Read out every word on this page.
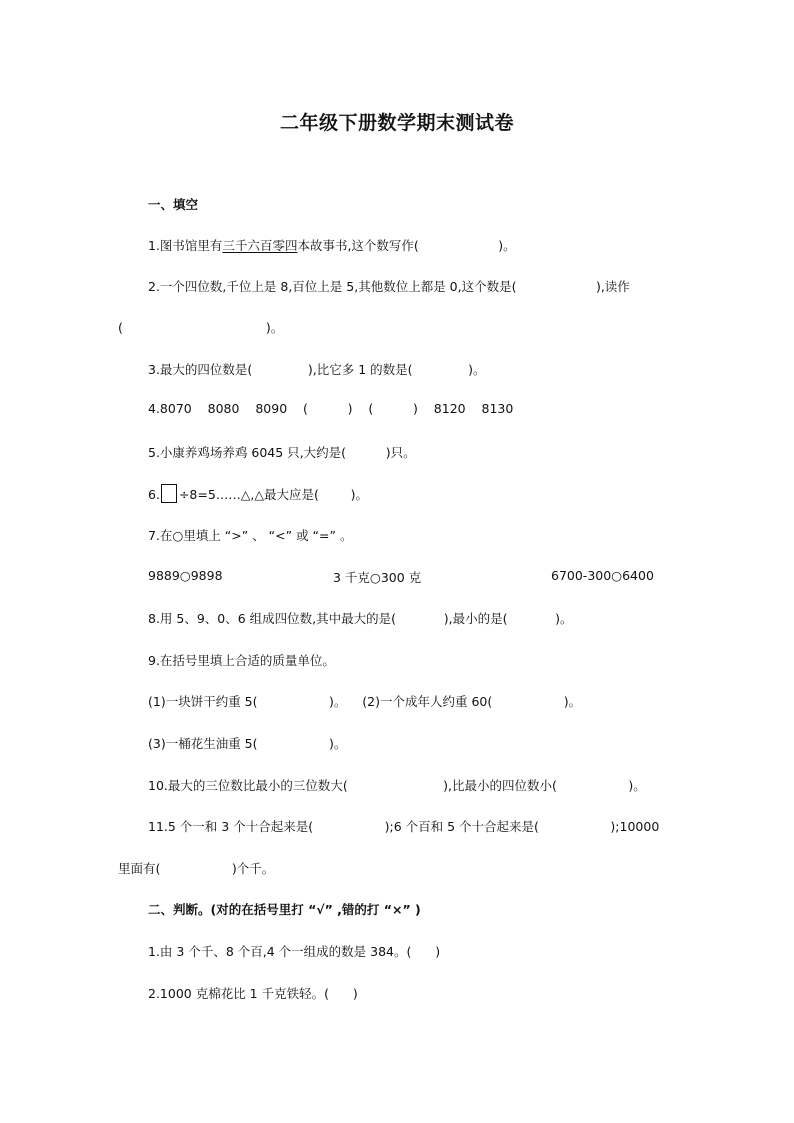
二年级下册数学期末测试卷
一、填空
1.图书馆里有三千六百零四本故事书,这个数写作(                    )。
2.一个四位数,千位上是 8,百位上是 5,其他数位上都是 0,这个数是(                    ),读作
(                                    )。
3.最大的四位数是(              ),比它多 1 的数是(              )。
4.8070    8080    8090    (          )    (          )    8120    8130
5.小康养鸡场养鸡 6045 只,大约是(          )只。
6. ÷8=5……△,△最大应是(        )。
7.在○里填上 “>” 、 “<” 或 “=” 。
9889○9898	3 千克○300 克	6700-300○6400
8.用 5、9、0、6 组成四位数,其中最大的是(            ),最小的是(            )。
9.在括号里填上合适的质量单位。
(1)一块饼干约重 5(                  )。    (2)一个成年人约重 60(                  )。
(3)一桶花生油重 5(                  )。
10.最大的三位数比最小的三位数大(                        ),比最小的四位数小(                  )。
11.5 个一和 3 个十合起来是(                  );6 个百和 5 个十合起来是(                  );10000
里面有(                  )个千。
二、判断。(对的在括号里打 “√” ,错的打 “×” )
1.由 3 个千、8 个百,4 个一组成的数是 384。(      )
2.1000 克棉花比 1 千克铁轻。(      )
